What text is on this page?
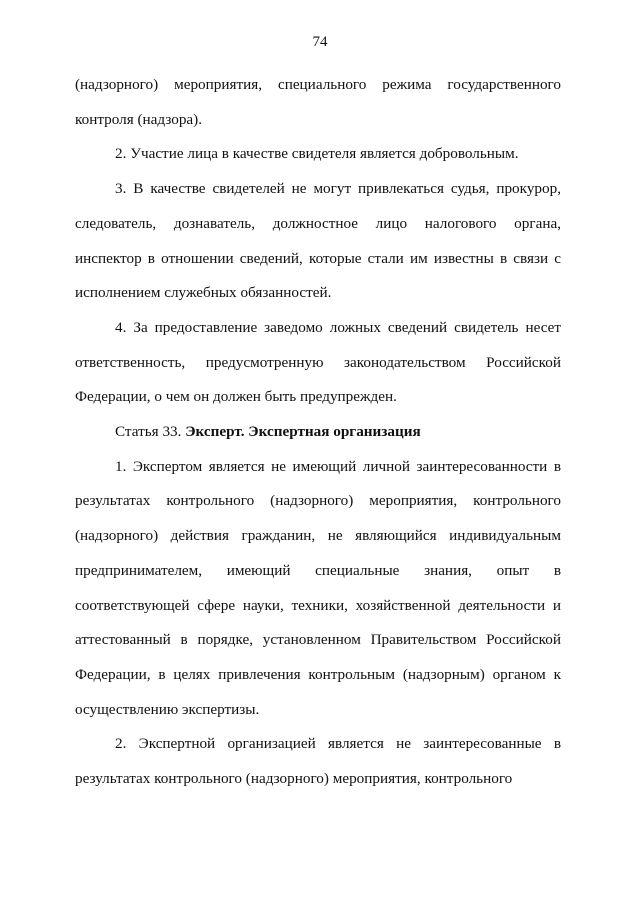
74

(надзорного) мероприятия, специального режима государственного контроля (надзора).

2. Участие лица в качестве свидетеля является добровольным.

3. В качестве свидетелей не могут привлекаться судья, прокурор, следователь, дознаватель, должностное лицо налогового органа, инспектор в отношении сведений, которые стали им известны в связи с исполнением служебных обязанностей.

4. За предоставление заведомо ложных сведений свидетель несет ответственность, предусмотренную законодательством Российской Федерации, о чем он должен быть предупрежден.

Статья 33. Эксперт. Экспертная организация

1. Экспертом является не имеющий личной заинтересованности в результатах контрольного (надзорного) мероприятия, контрольного (надзорного) действия гражданин, не являющийся индивидуальным предпринимателем, имеющий специальные знания, опыт в соответствующей сфере науки, техники, хозяйственной деятельности и аттестованный в порядке, установленном Правительством Российской Федерации, в целях привлечения контрольным (надзорным) органом к осуществлению экспертизы.

2. Экспертной организацией является не заинтересованные в результатах контрольного (надзорного) мероприятия, контрольного
